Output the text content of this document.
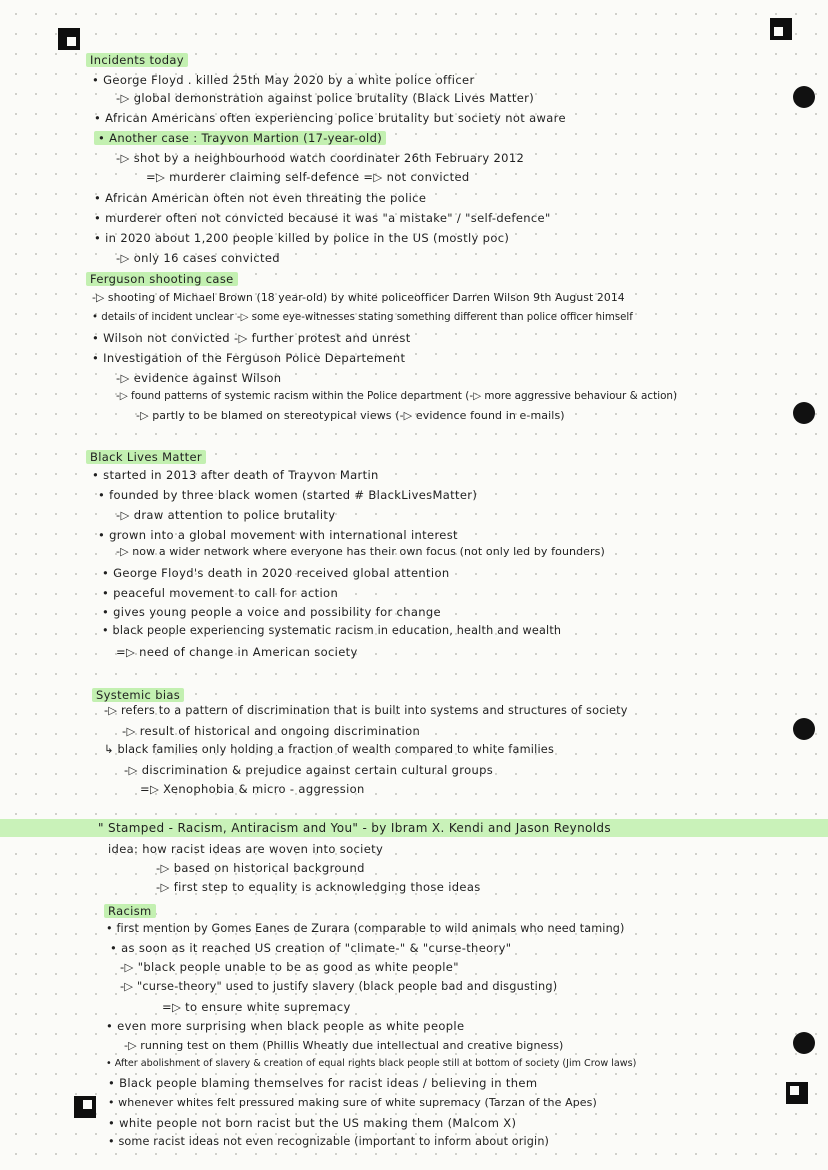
Incidents today
• George Floyd . killed 25th May 2020 by a white police officer
-▷ global demonstration against police brutality (Black Lives Matter)
• African Americans often experiencing police brutality but society not aware
• Another case : Trayvon Martion (17-year-old)
-▷ shot by a neighbourhood watch coordinater 26th February 2012
=▷ murderer claiming self-defence =▷ not convicted
• African American often not even threating the police
• murderer often not convicted because it was "a mistake" / "self-defence"
• in 2020 about 1,200 people killed by police in the US (mostly poc)
-▷ only 16 cases convicted
Ferguson shooting case
-▷ shooting of Michael Brown (18 year-old) by white policeofficer Darren Wilson 9th August 2014
• details of incident unclear -▷ some eye-witnesses stating something different than police officer himself
• Wilson not convicted -▷ further protest and unrest
• Investigation of the Ferguson Police Departement
-▷ evidence against Wilson
-▷ found patterns of systemic racism within the Police department (-▷ more aggressive behaviour & action)
-▷ partly to be blamed on stereotypical views (-▷ evidence found in e-mails)
Black Lives Matter
• started in 2013 after death of Trayvon Martin
• founded by three black women (started # BlackLivesMatter)
-▷ draw attention to police brutality
• grown into a global movement with international interest
-▷ now a wider network where everyone has their own focus (not only led by founders)
• George Floyd's death in 2020 received global attention
• peaceful movement to call for action
• gives young people a voice and possibility for change
• black people experiencing systematic racism in education, health and wealth
=▷ need of change in American society
Systemic bias
-▷ refers to a pattern of discrimination that is built into systems and structures of society
-▷ result of historical and ongoing discrimination
↳ black families only holding a fraction of wealth compared to white families
-▷ discrimination & prejudice against certain cultural groups
=▷ Xenophobia & micro - aggression
" Stamped - Racism, Antiracism and You" - by Ibram X. Kendi and Jason Reynolds
idea: how racist ideas are woven into society
-▷ based on historical background
-▷ first step to equality is acknowledging those ideas
Racism
• first mention by Gomes Eanes de Zurara (comparable to wild animals who need taming)
• as soon as it reached US creation of "climate-" & "curse-theory"
-▷ "black people unable to be as good as white people"
-▷ "curse-theory" used to justify slavery (black people bad and disgusting)
=▷ to ensure white supremacy
• even more surprising when black people as white people
-▷ running test on them (Phillis Wheatly due intellectual and creative bigness)
• After abolishment of slavery & creation of equal rights black people still at bottom of society (Jim Crow laws)
• Black people blaming themselves for racist ideas / believing in them
• whenever whites felt pressured making sure of white supremacy (Tarzan of the Apes)
• white people not born racist but the US making them (Malcom X)
• some racist ideas not even recognizable (important to inform about origin)
